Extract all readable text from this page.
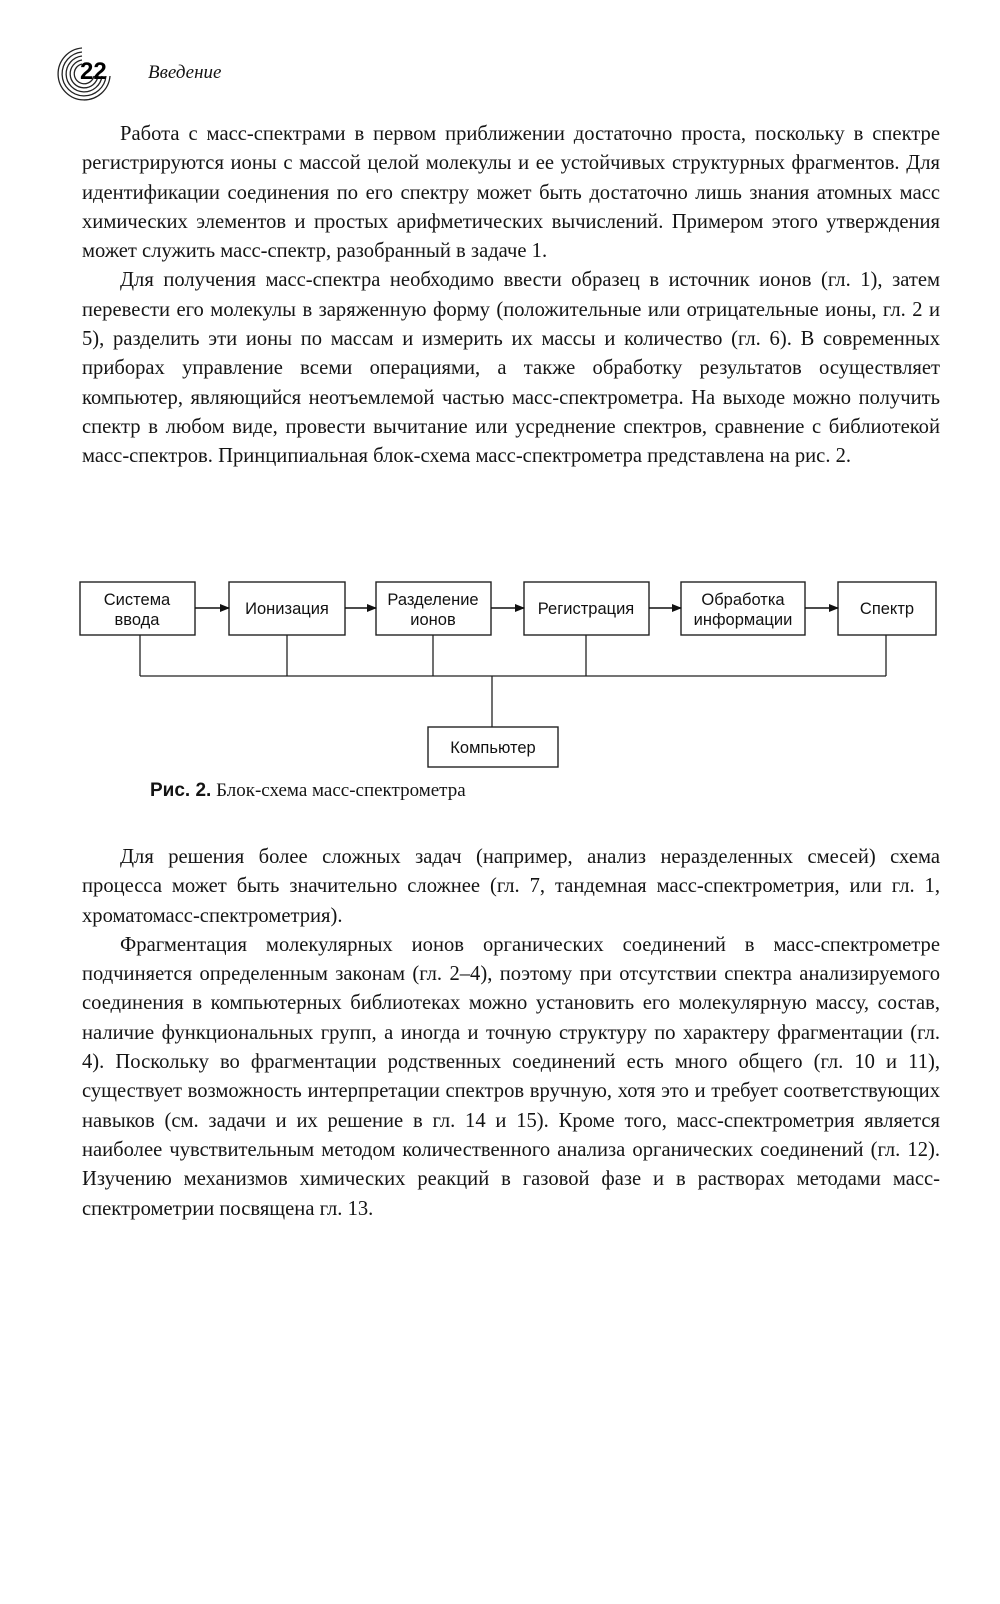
22 Введение

Работа с масс-спектрами в первом приближении достаточно проста, поскольку в спектре регистрируются ионы с массой целой молекулы и ее устойчивых структурных фрагментов. Для идентификации соединения по его спектру может быть достаточно лишь знания атомных масс химических элементов и простых арифметических вычислений. Примером этого утверждения может служить масс-спектр, разобранный в задаче 1.

Для получения масс-спектра необходимо ввести образец в источник ионов (гл. 1), затем перевести его молекулы в заряженную форму (положительные или отрицательные ионы, гл. 2 и 5), разделить эти ионы по массам и измерить их массы и количество (гл. 6). В современных приборах управление всеми операциями, а также обработку результатов осуществляет компьютер, являющийся неотъемлемой частью масс-спектрометра. На выходе можно получить спектр в любом виде, провести вычитание или усреднение спектров, сравнение с библиотекой масс-спектров. Принципиальная блок-схема масс-спектрометра представлена на рис. 2.

Система
ввода
Ионизация	Разделение
ионов
Регистрация	Обработка
информации
Спектр
Компьютер
Рис. 2. Блок-схема масс-спектрометра

Для решения более сложных задач (например, анализ неразделенных смесей) схема процесса может быть значительно сложнее (гл. 7, тандемная масс-спектрометрия, или гл. 1, хроматомасс-спектрометрия).

Фрагментация молекулярных ионов органических соединений в масс-спектрометре подчиняется определенным законам (гл. 2–4), поэтому при отсутствии спектра анализируемого соединения в компьютерных библиотеках можно установить его молекулярную массу, состав, наличие функциональных групп, а иногда и точную структуру по характеру фрагментации (гл. 4). Поскольку во фрагментации родственных соединений есть много общего (гл. 10 и 11), существует возможность интерпретации спектров вручную, хотя это и требует соответствующих навыков (см. задачи и их решение в гл. 14 и 15). Кроме того, масс-спектрометрия является наиболее чувствительным методом количественного анализа органических соединений (гл. 12). Изучению механизмов химических реакций в газовой фазе и в растворах методами масс-спектрометрии посвящена гл. 13.
